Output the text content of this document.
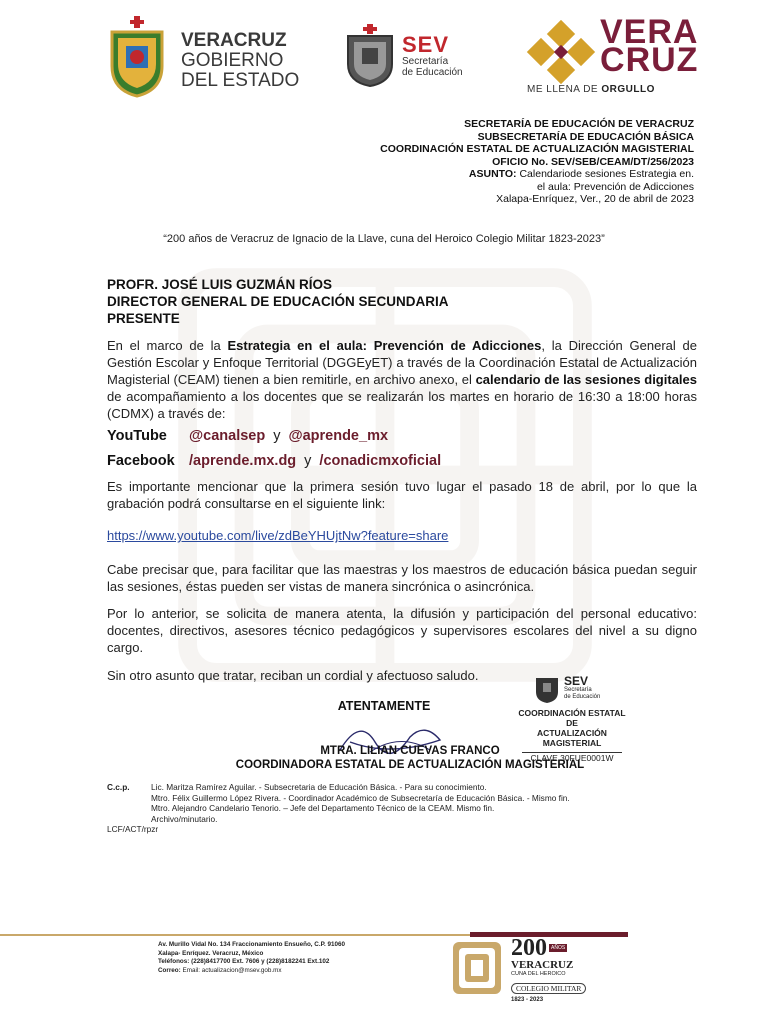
VERACRUZ
GOBIERNO
DEL ESTADO
SEV
Secretaría
de Educación
VERA
CRUZ
ME LLENA DE ORGULLO
SECRETARÍA DE EDUCACIÓN DE VERACRUZ
SUBSECRETARÍA DE EDUCACIÓN BÁSICA
COORDINACIÓN ESTATAL DE ACTUALIZACIÓN MAGISTERIAL
OFICIO No. SEV/SEB/CEAM/DT/256/2023
ASUNTO: Calendariode sesiones Estrategia en.
el aula: Prevención de Adicciones
Xalapa-Enríquez, Ver., 20 de abril de 2023
“200 años de Veracruz de Ignacio de la Llave, cuna del Heroico Colegio Militar 1823-2023”
PROFR. JOSÉ LUIS GUZMÁN RÍOS
DIRECTOR GENERAL DE EDUCACIÓN SECUNDARIA
PRESENTE
En el marco de la Estrategia en el aula: Prevención de Adicciones, la Dirección General de Gestión Escolar y Enfoque Territorial (DGGEyET) a través de la Coordinación Estatal de Actualización Magisterial (CEAM) tienen a bien remitirle, en archivo anexo, el calendario de las sesiones digitales de acompañamiento a los docentes que se realizarán los martes en horario de 16:30 a 18:00 horas (CDMX) a través de:
YouTube @canalsep y @aprende_mx
Facebook /aprende.mx.dg y /conadicmxoficial
Es importante mencionar que la primera sesión tuvo lugar el pasado 18 de abril, por lo que la grabación podrá consultarse en el siguiente link:
https://www.youtube.com/live/zdBeYHUjtNw?feature=share
Cabe precisar que, para facilitar que las maestras y los maestros de educación básica puedan seguir las sesiones, éstas pueden ser vistas de manera sincrónica o asincrónica.
Por lo anterior, se solicita de manera atenta, la difusión y participación del personal educativo: docentes, directivos, asesores técnico pedagógicos y supervisores escolares del nivel a su digno cargo.
Sin otro asunto que tratar, reciban un cordial y afectuoso saludo.	SEV
Secretaría
de Educación
COORDINACIÓN ESTATAL DE
ACTUALIZACIÓN MAGISTERIAL
CLAVE 30FUE0001W
ATENTAMENTE
MTRA. LILIAN CUEVAS FRANCO
COORDINADORA ESTATAL DE ACTUALIZACIÓN MAGISTERIAL
C.c.p.	Lic. Maritza Ramírez Aguilar. - Subsecretaria de Educación Básica. - Para su conocimiento.
Mtro. Félix Guillermo López Rivera. - Coordinador Académico de Subsecretaría de Educación Básica. - Mismo fin.
Mtro. Alejandro Candelario Tenorio. – Jefe del Departamento Técnico de la CEAM. Mismo fin.
Archivo/minutario.
LCF/ACT/rpzr
Av. Murillo Vidal No. 134 Fraccionamiento Ensueño, C.P. 91060
Xalapa- Enríquez. Veracruz, México
Teléfonos: (228)8417700 Ext. 7606 y (228)8182241 Ext.102
Correo: Email: actualizacion@msev.gob.mx
200 AÑOS
VERACRUZ
CUNA DEL HEROICO
COLEGIO MILITAR
1823 - 2023
